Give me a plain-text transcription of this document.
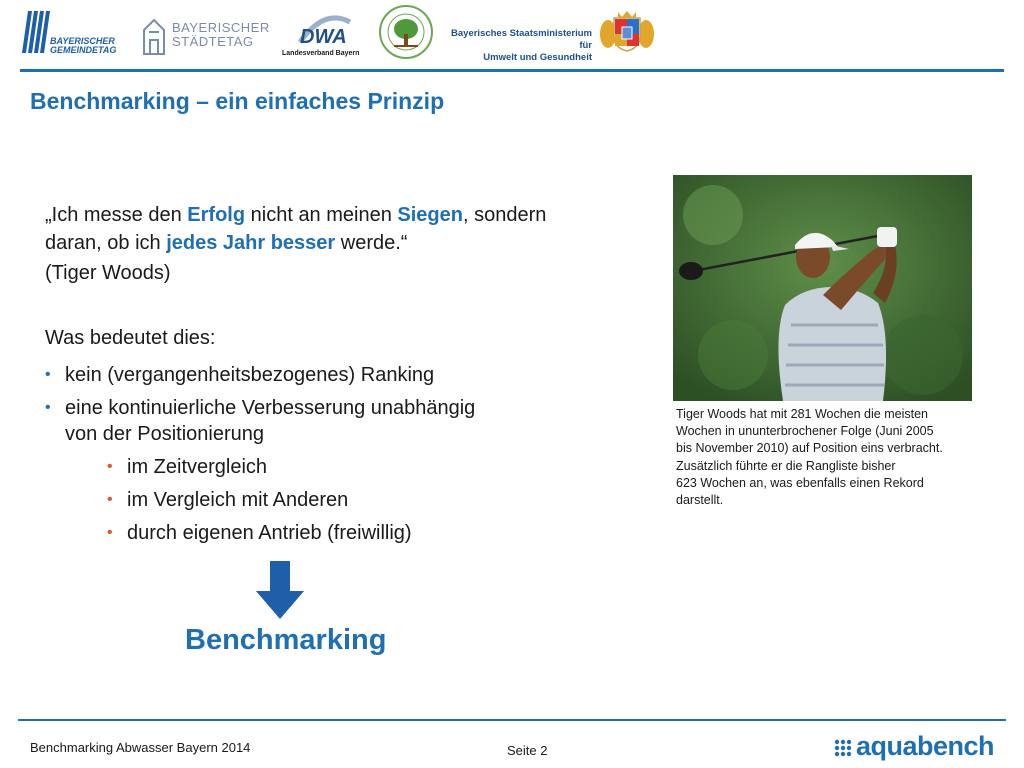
BAYERISCHER
GEMEINDETAG
BAYERISCHER
STÄDTETAG	DWA
Landesverband Bayern
Bayerisches Staatsministerium für
Umwelt und Gesundheit
Benchmarking – ein einfaches Prinzip
„Ich messe den Erfolg nicht an meinen Siegen, sondern
daran, ob ich jedes Jahr besser werde.“
(Tiger Woods)
Was bedeutet dies:
• kein (vergangenheitsbezogenes) Ranking
• eine kontinuierliche Verbesserung unabhängig
von der Positionierung
• im Zeitvergleich
• im Vergleich mit Anderen
• durch eigenen Antrieb (freiwillig)
Benchmarking
Tiger Woods hat mit 281 Wochen die meisten
Wochen in ununterbrochener Folge (Juni 2005
bis November 2010) auf Position eins verbracht.
Zusätzlich führte er die Rangliste bisher
623 Wochen an, was ebenfalls einen Rekord
darstellt.
Benchmarking Abwasser Bayern 2014	Seite 2	aquabench
